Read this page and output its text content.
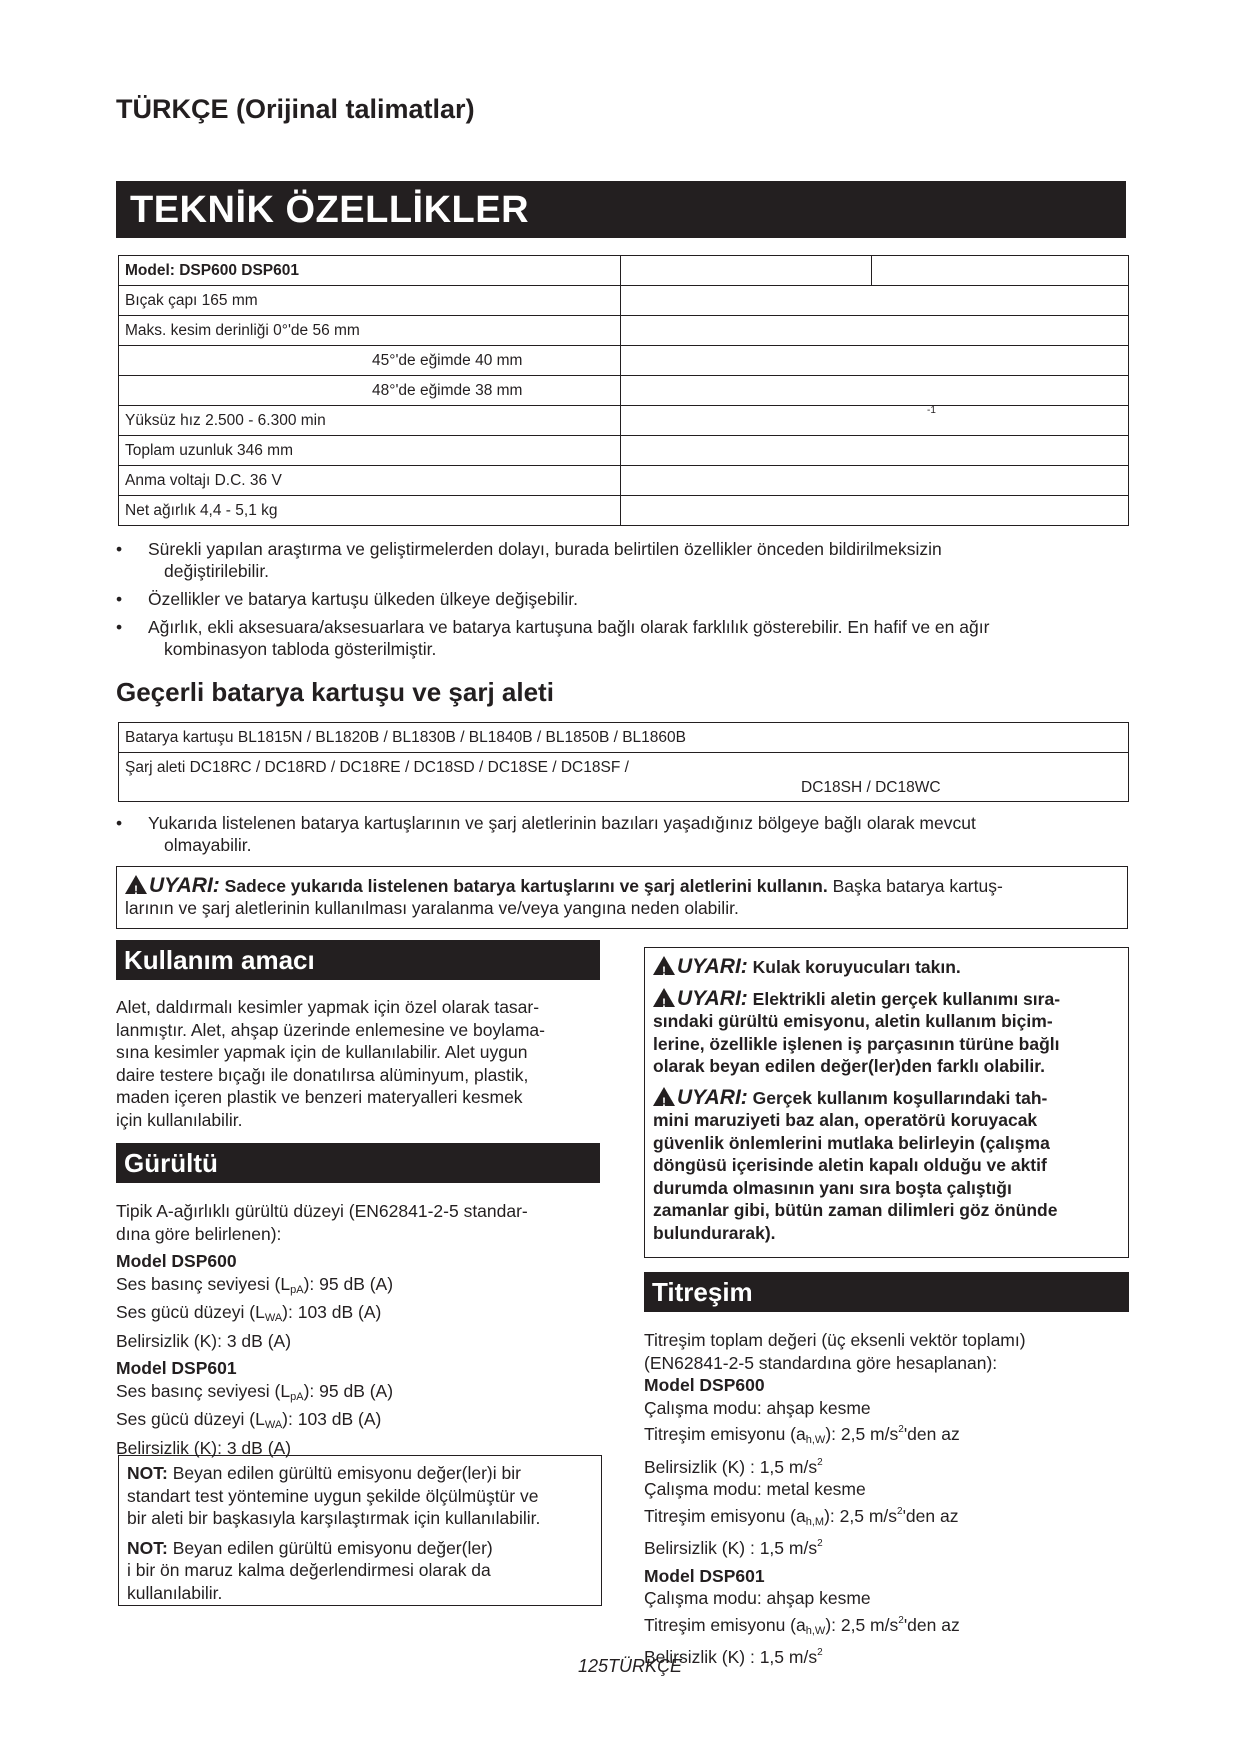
TÜRKÇE (Orijinal talimatlar)
TEKNİK ÖZELLİKLER
Model: DSP600 DSP601		
Bıçak çapı 165 mm		
Maks. kesim derinliği 0°'de 56 mm		
45°'de eğimde 40 mm		
48°'de eğimde 38 mm		
Yüksüz hız 2.500 - 6.300 min	$^{-1}$
Toplam uzunluk 346 mm		
Anma voltajı D.C. 36 V		
Net ağırlık 4,4 - 5,1 kg		
• Sürekli yapılan araştırma ve geliştirmelerden dolayı, burada belirtilen özellikler önceden bildirilmeksizin
değiştirilebilir.
• Özellikler ve batarya kartuşu ülkeden ülkeye değişebilir.
• Ağırlık, ekli aksesuara/aksesuarlara ve batarya kartuşuna bağlı olarak farklılık gösterebilir. En hafif ve en ağır
kombinasyon tabloda gösterilmiştir.
Geçerli batarya kartuşu ve şarj aleti
Batarya kartuşu BL1815N / BL1820B / BL1830B / BL1840B / BL1850B / BL1860B
Şarj aleti DC18RC / DC18RD / DC18RE / DC18SD / DC18SE / DC18SF /
DC18SH / DC18WC
• Yukarıda listelenen batarya kartuşlarının ve şarj aletlerinin bazıları yaşadığınız bölgeye bağlı olarak mevcut
olmayabilir.
! UYARI: Sadece yukarıda listelenen batarya kartuşlarını ve şarj aletlerini kullanın. Başka batarya kartuş-
larının ve şarj aletlerinin kullanılması yaralanma ve/veya yangına neden olabilir.
Kullanım amacı
Alet, daldırmalı kesimler yapmak için özel olarak tasar-
lanmıştır. Alet, ahşap üzerinde enlemesine ve boylama-
sına kesimler yapmak için de kullanılabilir. Alet uygun
daire testere bıçağı ile donatılırsa alüminyum, plastik,
maden içeren plastik ve benzeri materyalleri kesmek
için kullanılabilir.
Gürültü
Tipik A-ağırlıklı gürültü düzeyi (EN62841-2-5 standar-
dına göre belirlenen):
Model DSP600
Ses basınç seviyesi $(L_{pA})$: 95 dB (A)
Ses gücü düzeyi $(L_{WA})$: 103 dB (A)
Belirsizlik (K): 3 dB (A)
Model DSP601
Ses basınç seviyesi $(L_{pA})$: 95 dB (A)
Ses gücü düzeyi $(L_{WA})$: 103 dB (A)
Belirsizlik (K): 3 dB (A)
NOT: Beyan edilen gürültü emisyonu değer(ler)i bir
standart test yöntemine uygun şekilde ölçülmüştür ve
bir aleti bir başkasıyla karşılaştırmak için kullanılabilir.
NOT: Beyan edilen gürültü emisyonu değer(ler)
i bir ön maruz kalma değerlendirmesi olarak da
kullanılabilir.

! UYARI: Kulak koruyucuları takın.

! UYARI: Elektrikli aletin gerçek kullanımı sıra-
sındaki gürültü emisyonu, aletin kullanım biçim-
lerine, özellikle işlenen iş parçasının türüne bağlı
olarak beyan edilen değer(ler)den farklı olabilir.

! UYARI: Gerçek kullanım koşullarındaki tah-
mini maruziyeti baz alan, operatörü koruyacak
güvenlik önlemlerini mutlaka belirleyin (çalışma
döngüsü içerisinde aletin kapalı olduğu ve aktif
durumda olmasının yanı sıra boşta çalıştığı
zamanlar gibi, bütün zaman dilimleri göz önünde
bulundurarak).

Titreşim
Titreşim toplam değeri (üç eksenli vektör toplamı)
(EN62841-2-5 standardına göre hesaplanan):
Model DSP600
Çalışma modu: ahşap kesme
Titreşim emisyonu $(a_{h,W})$: 2,5 $m/s^2'den$ az
Belirsizlik (K) : 1,5 $m/s^2$
Çalışma modu: metal kesme
Titreşim emisyonu $(a_{h,M})$: 2,5 $m/s^2'den$ az
Belirsizlik (K) : 1,5 $m/s^2$
Model DSP601
Çalışma modu: ahşap kesme
Titreşim emisyonu $(a_{h,W})$: 2,5 $m/s^2'den$ az
Belirsizlik (K) : 1,5 $m/s^2$
125TÜRKÇE
